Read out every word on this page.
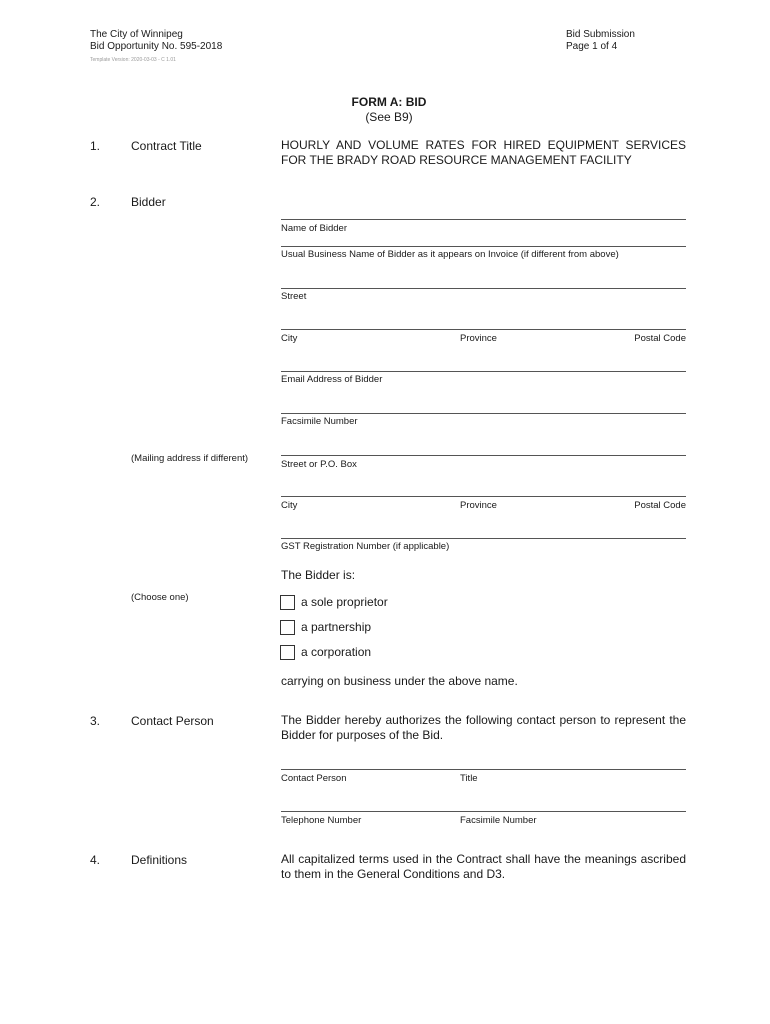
The City of Winnipeg
Bid Opportunity No. 595-2018
Template Version: 2020-03-03 - C 1.01
Bid Submission
Page 1 of 4
FORM A: BID
(See B9)
1.	Contract Title	HOURLY AND VOLUME RATES FOR HIRED EQUIPMENT SERVICES FOR THE BRADY ROAD RESOURCE MANAGEMENT FACILITY
2.	Bidder
Name of Bidder
Usual Business Name of Bidder as it appears on Invoice (if different from above)
Street
City	Province	Postal Code
Email Address of Bidder
Facsimile Number
(Mailing address if different)
Street or P.O. Box
City	Province	Postal Code
GST Registration Number (if applicable)
The Bidder is:
(Choose one)	a sole proprietor
a partnership
a corporation
carrying on business under the above name.
3.	Contact Person	The Bidder hereby authorizes the following contact person to represent the Bidder for purposes of the Bid.
Contact Person	Title
Telephone Number	Facsimile Number
4.	Definitions	All capitalized terms used in the Contract shall have the meanings ascribed to them in the General Conditions and D3.
